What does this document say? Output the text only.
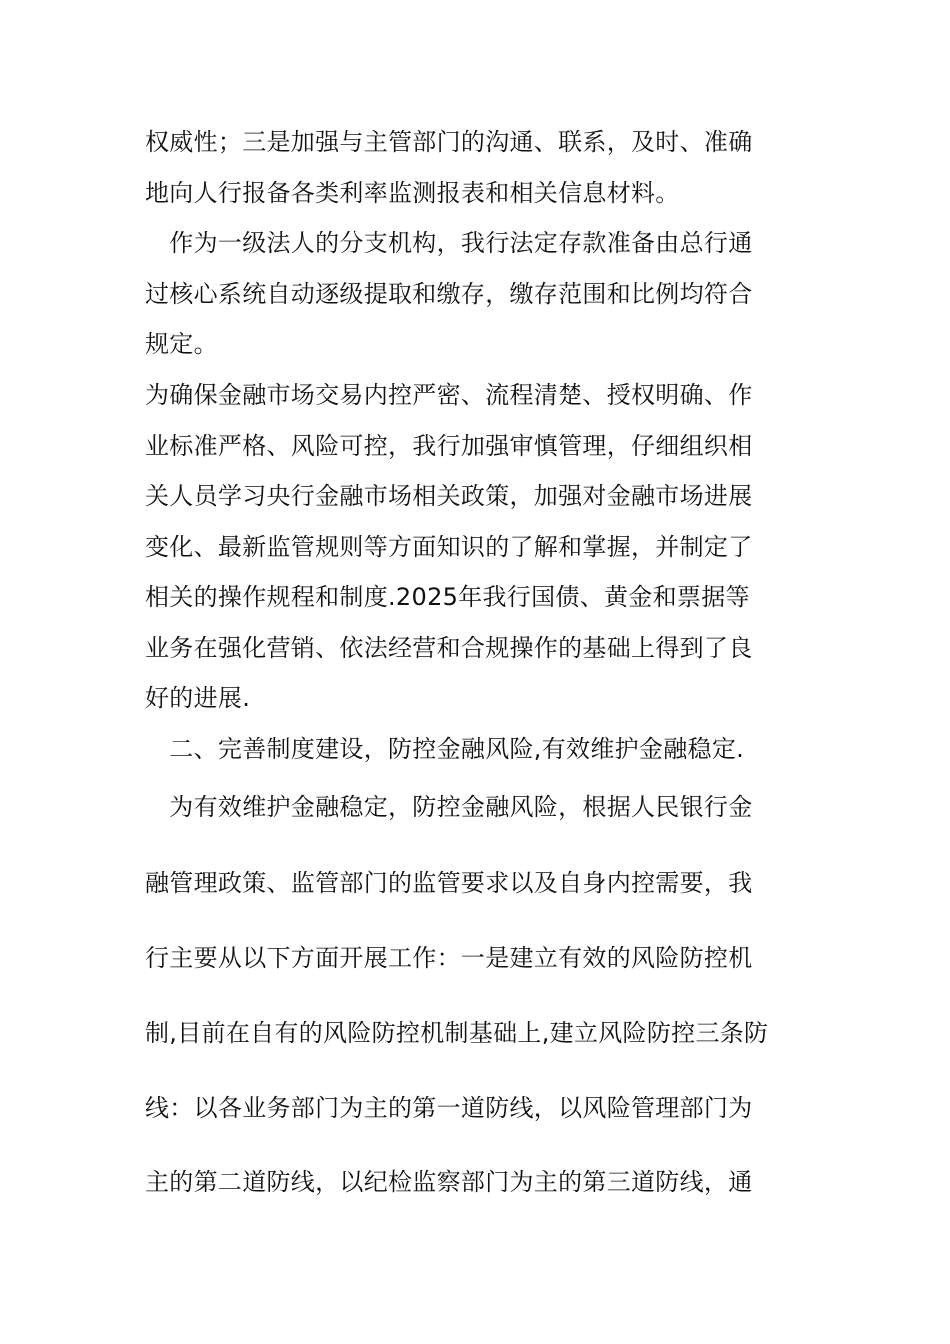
权威性；三是加强与主管部门的沟通、联系，及时、准确
地向人行报备各类利率监测报表和相关信息材料。
　作为一级法人的分支机构，我行法定存款准备由总行通
过核心系统自动逐级提取和缴存，缴存范围和比例均符合
规定。
为确保金融市场交易内控严密、流程清楚、授权明确、作
业标准严格、风险可控，我行加强审慎管理，仔细组织相
关人员学习央行金融市场相关政策，加强对金融市场进展
变化、最新监管规则等方面知识的了解和掌握，并制定了
相关的操作规程和制度.2025年我行国债、黄金和票据等
业务在强化营销、依法经营和合规操作的基础上得到了良
好的进展.
　二、完善制度建设，防控金融风险,有效维护金融稳定.
　为有效维护金融稳定，防控金融风险，根据人民银行金
融管理政策、监管部门的监管要求以及自身内控需要，我
行主要从以下方面开展工作：一是建立有效的风险防控机
制,目前在自有的风险防控机制基础上,建立风险防控三条防
线：以各业务部门为主的第一道防线，以风险管理部门为
主的第二道防线，以纪检监察部门为主的第三道防线，通
